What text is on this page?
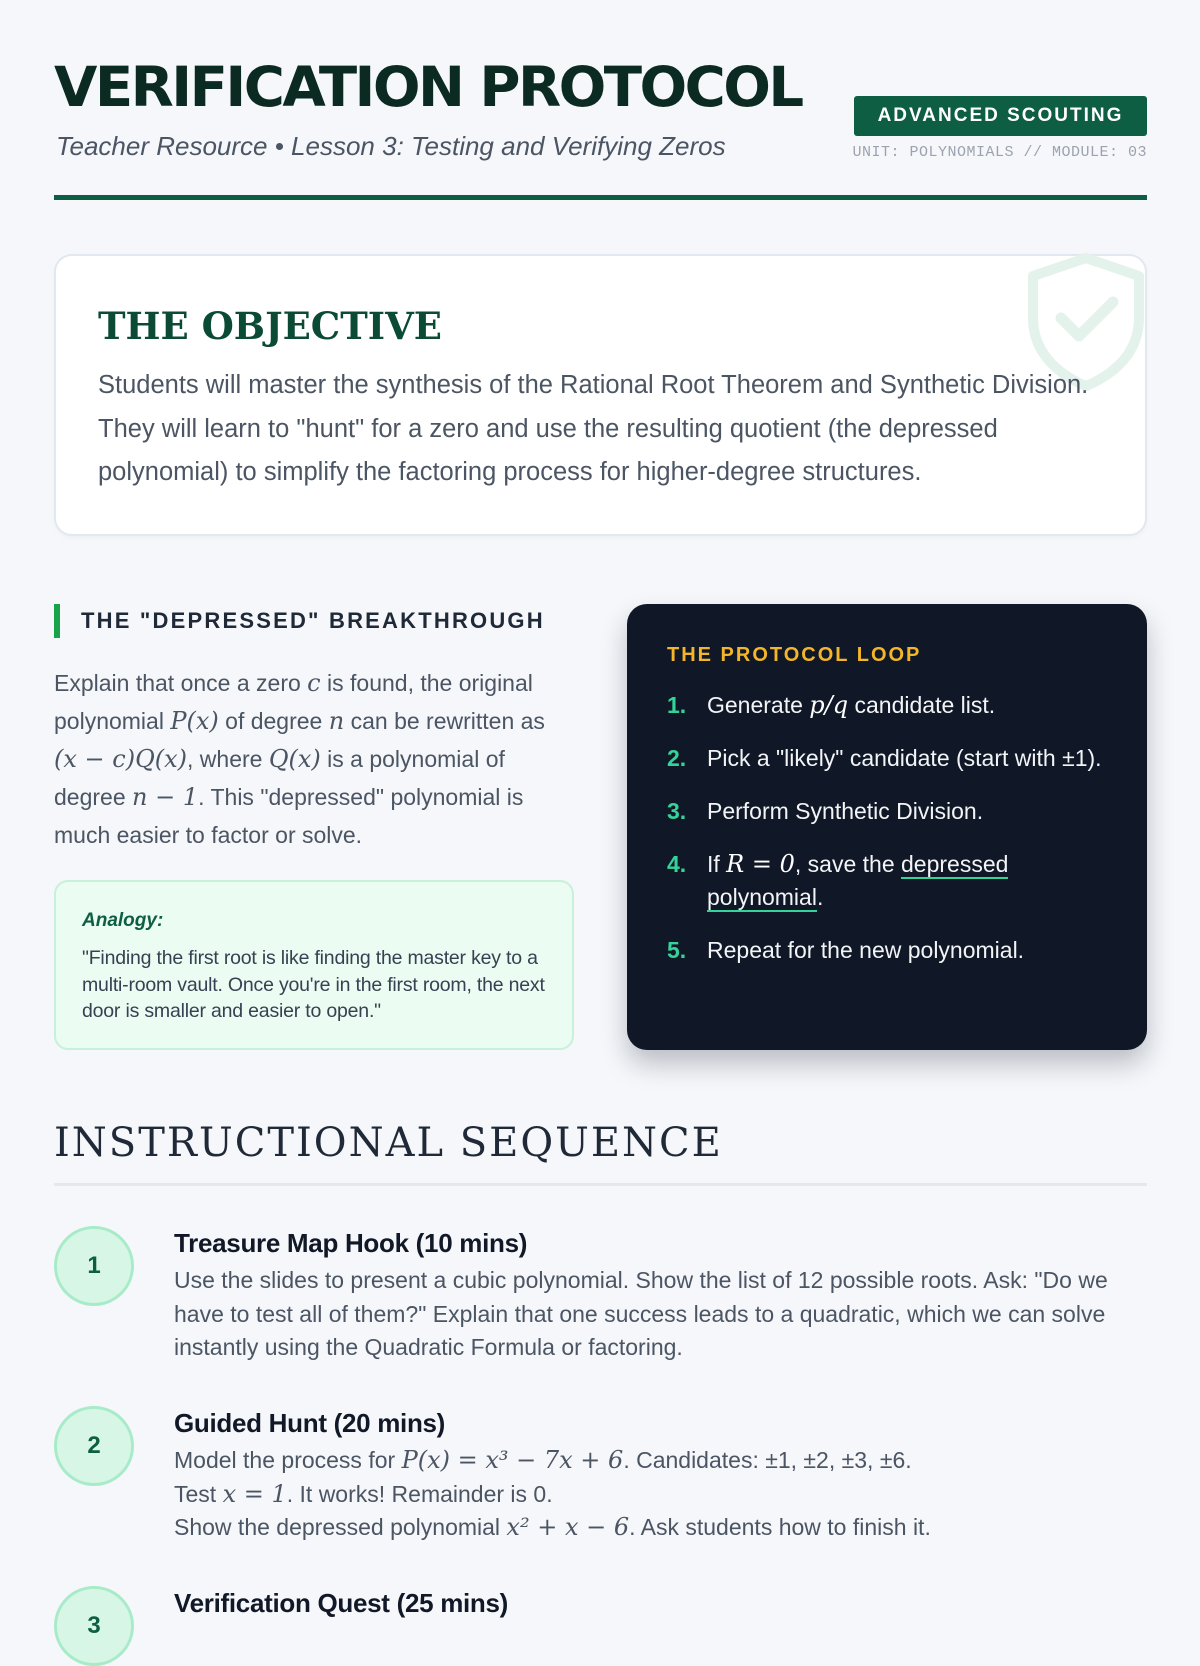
VERIFICATION PROTOCOL
Teacher Resource • Lesson 3: Testing and Verifying Zeros
ADVANCED SCOUTING
UNIT: POLYNOMIALS // MODULE: 03
THE OBJECTIVE

Students will master the synthesis of the Rational Root Theorem and Synthetic Division. They will learn to "hunt" for a zero and use the resulting quotient (the depressed polynomial) to simplify the factoring process for higher-degree structures.

THE "DEPRESSED" BREAKTHROUGH
Explain that once a zero c is found, the original polynomial P(x) of degree n can be rewritten as (x − c)Q(x), where Q(x) is a polynomial of degree n − 1. This "depressed" polynomial is much easier to factor or solve.
Analogy:
"Finding the first root is like finding the master key to a multi-room vault. Once you're in the first room, the next door is smaller and easier to open."
THE PROTOCOL LOOP
1. Generate p/q candidate list.
2. Pick a "likely" candidate (start with ±1).
3. Perform Synthetic Division.
4. If R = 0, save the depressed polynomial.
5. Repeat for the new polynomial.
INSTRUCTIONAL SEQUENCE
1
Treasure Map Hook (10 mins)
Use the slides to present a cubic polynomial. Show the list of 12 possible roots. Ask: "Do we have to test all of them?" Explain that one success leads to a quadratic, which we can solve instantly using the Quadratic Formula or factoring.
2
Guided Hunt (20 mins)
Model the process for P(x) = x³ − 7x + 6. Candidates: ±1, ±2, ±3, ±6.
Test x = 1. It works! Remainder is 0.
Show the depressed polynomial x² + x − 6. Ask students how to finish it.
3
Verification Quest (25 mins)
